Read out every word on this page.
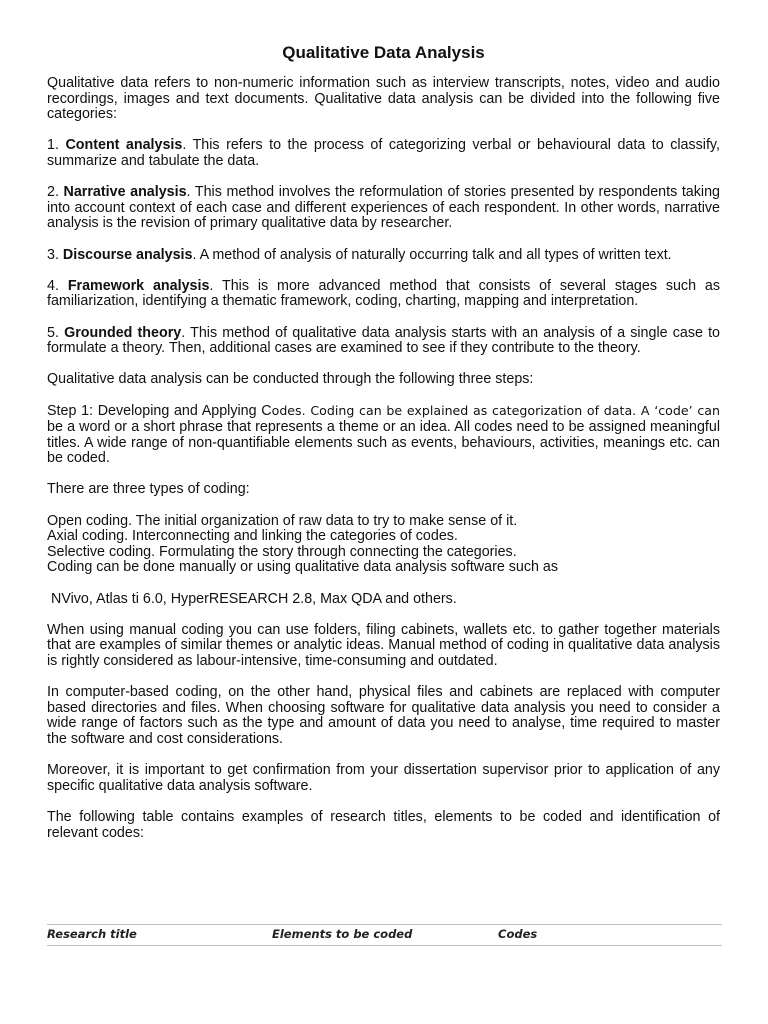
Qualitative Data Analysis

Qualitative data refers to non-numeric information such as interview transcripts, notes, video and audio recordings, images and text documents. Qualitative data analysis can be divided into the following five categories:

1. Content analysis. This refers to the process of categorizing verbal or behavioural data to classify, summarize and tabulate the data.

2. Narrative analysis. This method involves the reformulation of stories presented by respondents taking into account context of each case and different experiences of each respondent. In other words, narrative analysis is the revision of primary qualitative data by researcher.

3. Discourse analysis. A method of analysis of naturally occurring talk and all types of written text.

4. Framework analysis. This is more advanced method that consists of several stages such as familiarization, identifying a thematic framework, coding, charting, mapping and interpretation.

5. Grounded theory. This method of qualitative data analysis starts with an analysis of a single case to formulate a theory. Then, additional cases are examined to see if they contribute to the theory.

Qualitative data analysis can be conducted through the following three steps:

Step 1: Developing and Applying Codes. Coding can be explained as categorization of data. A ‘code’ can be a word or a short phrase that represents a theme or an idea. All codes need to be assigned meaningful titles. A wide range of non-quantifiable elements such as events, behaviours, activities, meanings etc. can be coded.

There are three types of coding:

Open coding. The initial organization of raw data to try to make sense of it.

Axial coding. Interconnecting and linking the categories of codes.

Selective coding. Formulating the story through connecting the categories.

Coding can be done manually or using qualitative data analysis software such as

NVivo, Atlas ti 6.0, HyperRESEARCH 2.8, Max QDA and others.

When using manual coding you can use folders, filing cabinets, wallets etc. to gather together materials that are examples of similar themes or analytic ideas. Manual method of coding in qualitative data analysis is rightly considered as labour-intensive, time-consuming and outdated.

In computer-based coding, on the other hand, physical files and cabinets are replaced with computer based directories and files. When choosing software for qualitative data analysis you need to consider a wide range of factors such as the type and amount of data you need to analyse, time required to master the software and cost considerations.

Moreover, it is important to get confirmation from your dissertation supervisor prior to application of any specific qualitative data analysis software.

The following table contains examples of research titles, elements to be coded and identification of relevant codes:

Research title	Elements to be coded	Codes
